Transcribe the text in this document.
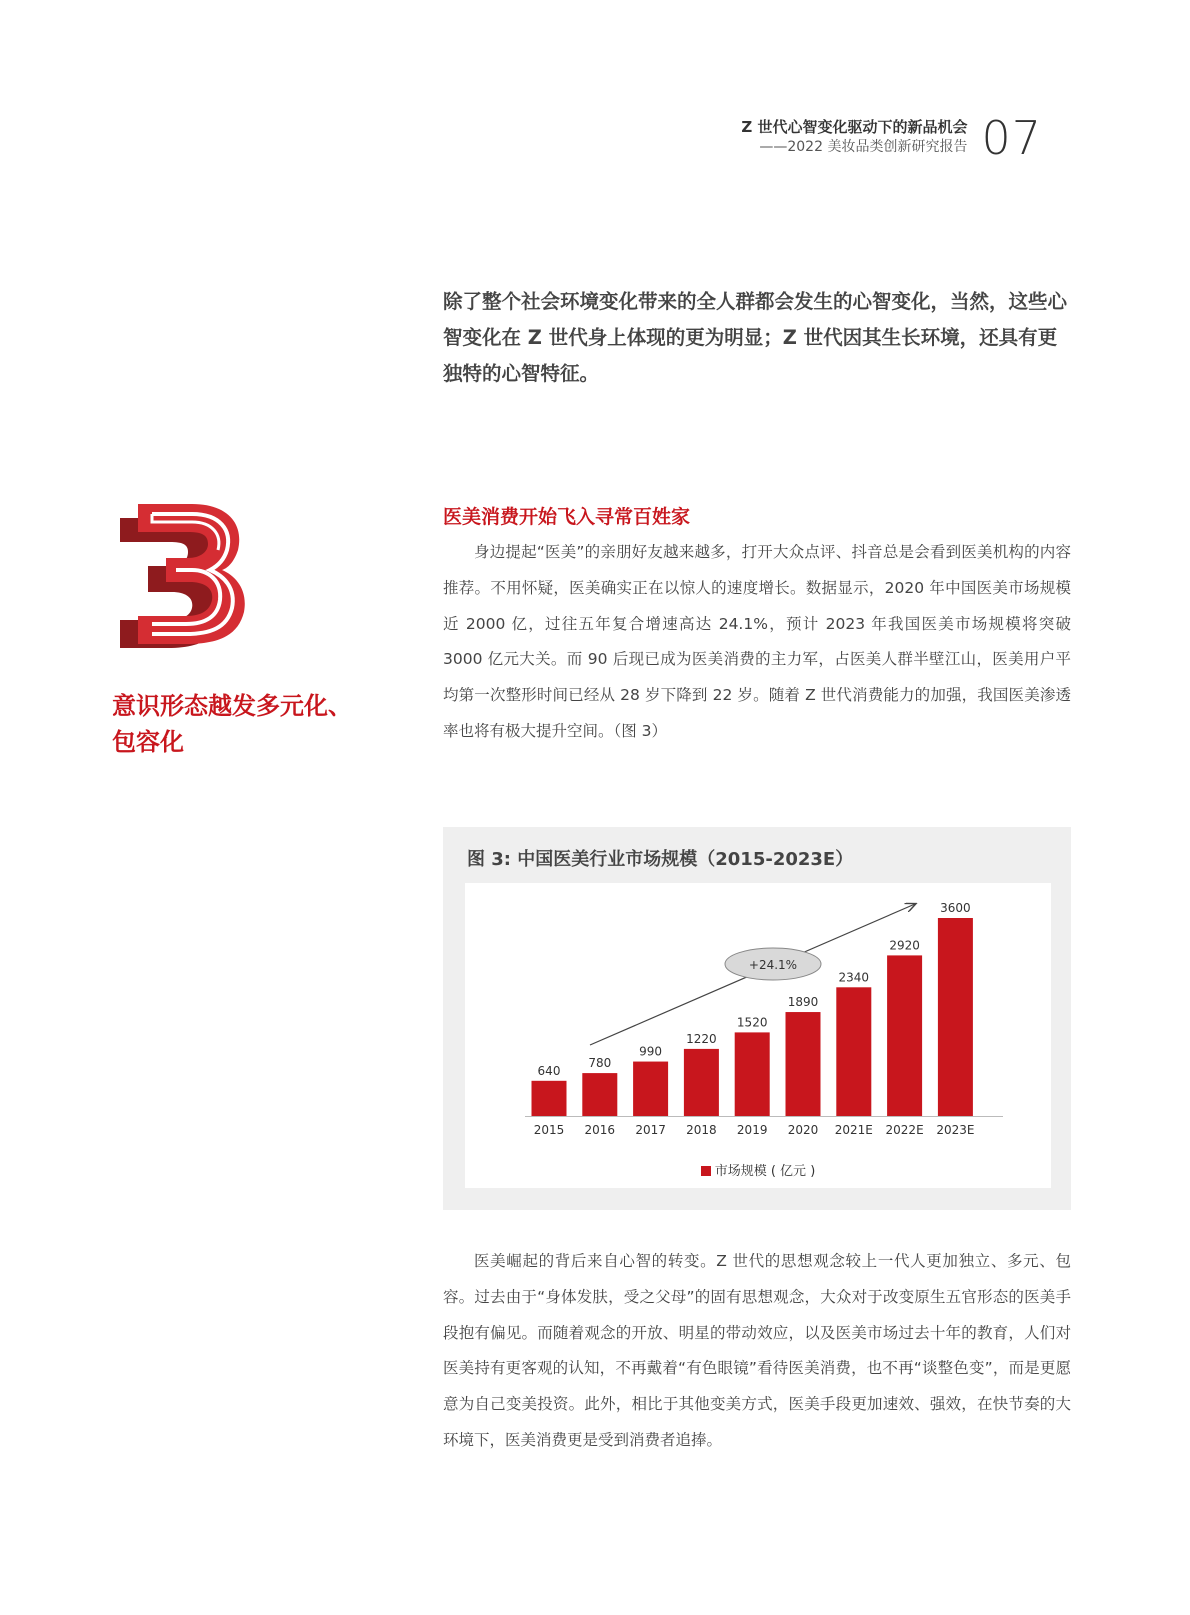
Z 世代心智变化驱动下的新品机会
——2022 美妆品类创新研究报告 07

除了整个社会环境变化带来的全人群都会发生的心智变化，当然，这些心智变化在 Z 世代身上体现的更为明显；Z 世代因其生长环境，还具有更独特的心智特征。

意识形态越发多元化、
包容化
医美消费开始飞入寻常百姓家

身边提起“医美”的亲朋好友越来越多，打开大众点评、抖音总是会看到医美机构的内容推荐。不用怀疑，医美确实正在以惊人的速度增长。数据显示，2020 年中国医美市场规模近 2000 亿，过往五年复合增速高达 24.1%，预计 2023 年我国医美市场规模将突破 3000 亿元大关。而 90 后现已成为医美消费的主力军，占医美人群半壁江山，医美用户平均第一次整形时间已经从 28 岁下降到 22 岁。随着 Z 世代消费能力的加强，我国医美渗透率也将有极大提升空间。（图 3）

图 3: 中国医美行业市场规模（2015-2023E）
+24.1%
640
2015
780
2016
990
2017
1220
2018
1520
2019
1890
2020
2340
2021E
2920
2022E
3600
2023E
市场规模 ( 亿元 )

医美崛起的背后来自心智的转变。Z 世代的思想观念较上一代人更加独立、多元、包容。过去由于“身体发肤，受之父母”的固有思想观念，大众对于改变原生五官形态的医美手段抱有偏见。而随着观念的开放、明星的带动效应，以及医美市场过去十年的教育，人们对医美持有更客观的认知，不再戴着“有色眼镜”看待医美消费，也不再“谈整色变”，而是更愿意为自己变美投资。此外，相比于其他变美方式，医美手段更加速效、强效，在快节奏的大环境下，医美消费更是受到消费者追捧。
